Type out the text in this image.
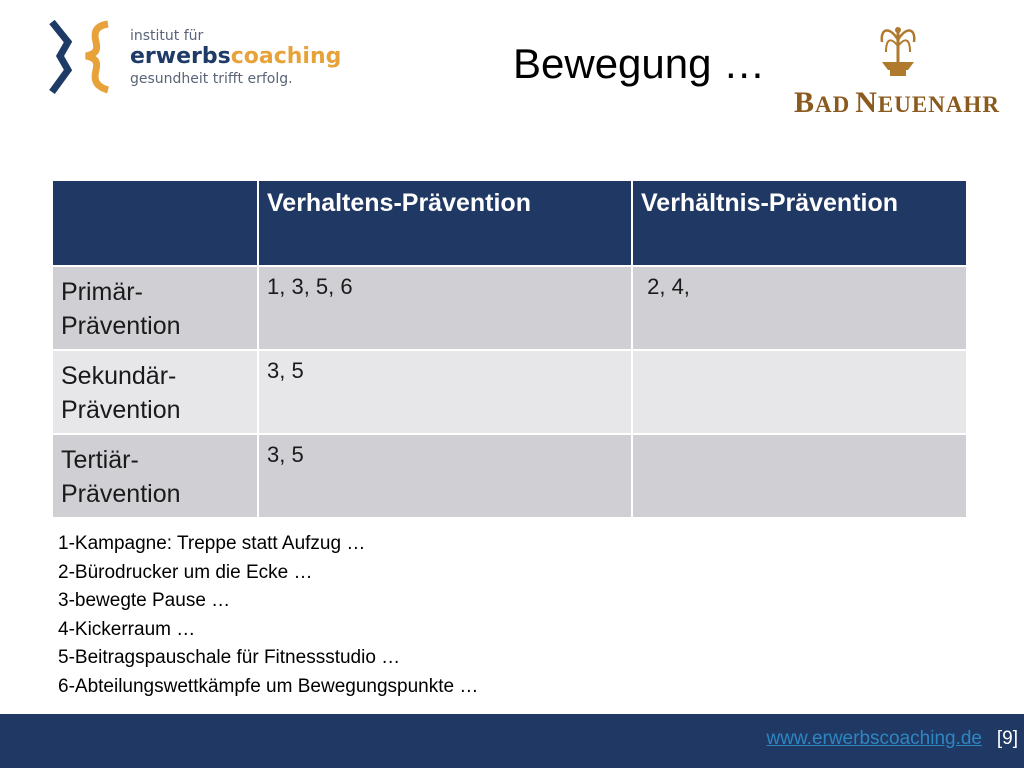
institut für
erwerbscoaching
gesundheit trifft erfolg.	Bewegung …
BAD NEUENAHR
	Verhaltens-Prävention	Verhältnis-Prävention
Primär-Prävention	1, 3, 5, 6	2, 4,
Sekundär-Prävention	3, 5	
Tertiär-Prävention	3, 5	
1-Kampagne: Treppe statt Aufzug …
2-Bürodrucker um die Ecke …
3-bewegte Pause …
4-Kickerraum …
5-Beitragspauschale für Fitnessstudio …
6-Abteilungswettkämpfe um Bewegungspunkte …
www.erwerbscoaching.de [9]
